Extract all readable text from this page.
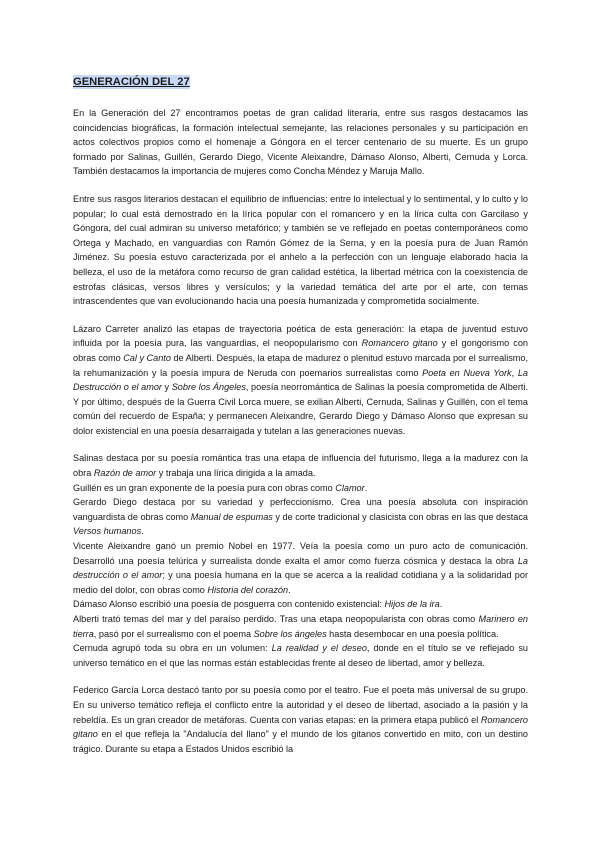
GENERACIÓN DEL 27

En la Generación del 27 encontramos poetas de gran calidad literaria, entre sus rasgos destacamos las coincidencias biográficas, la formación intelectual semejante, las relaciones personales y su participación en actos colectivos propios como el homenaje a Góngora en el tercer centenario de su muerte. Es un grupo formado por Salinas, Guillén, Gerardo Diego, Vicente Aleixandre, Dámaso Alonso, Alberti, Cernuda y Lorca. También destacamos la importancia de mujeres como Concha Méndez y Maruja Mallo.

Entre sus rasgos literarios destacan el equilibrio de influencias: entre lo intelectual y lo sentimental, y lo culto y lo popular; lo cual está demostrado en la lírica popular con el romancero y en la lírica culta con Garcilaso y Góngora, del cual admiran su universo metafórico; y también se ve reflejado en poetas contemporáneos como Ortega y Machado, en vanguardias con Ramón Gómez de la Serna, y en la poesía pura de Juan Ramón Jiménez. Su poesía estuvo caracterizada por el anhelo a la perfección con un lenguaje elaborado hacia la belleza, el uso de la metáfora como recurso de gran calidad estética, la libertad métrica con la coexistencia de estrofas clásicas, versos libres y versículos; y la variedad temática del arte por el arte, con temas intrascendentes que van evolucionando hacia una poesía humanizada y comprometida socialmente.

Lázaro Carreter analizó las etapas de trayectoria poética de esta generación: la etapa de juventud estuvo influida por la poesía pura, las vanguardias, el neopopularismo con Romancero gitano y el gongorismo con obras como Cal y Canto de Alberti. Después, la etapa de madurez o plenitud estuvo marcada por el surrealismo, la rehumanización y la poesía impura de Neruda con poemarios surrealistas como Poeta en Nueva York, La Destrucción o el amor y Sobre los Ángeles, poesía neorromántica de Salinas la poesía comprometida de Alberti. Y por último, después de la Guerra Civil Lorca muere, se exilian Alberti, Cernuda, Salinas y Guillén, con el tema común del recuerdo de España; y permanecen Aleixandre, Gerardo Diego y Dámaso Alonso que expresan su dolor existencial en una poesía desarraigada y tutelan a las generaciones nuevas.

Salinas destaca por su poesía romántica tras una etapa de influencia del futurismo, llega a la madurez con la obra Razón de amor y trabaja una lírica dirigida a la amada.

Guillén es un gran exponente de la poesía pura con obras como Clamor.

Gerardo Diego destaca por su variedad y perfeccionismo. Crea una poesía absoluta con inspiración vanguardista de obras como Manual de espumas y de corte tradicional y clasicista con obras en las que destaca Versos humanos.

Vicente Aleixandre ganó un premio Nobel en 1977. Veía la poesía como un puro acto de comunicación. Desarrolló una poesía telúrica y surrealista donde exalta el amor como fuerza cósmica y destaca la obra La destrucción o el amor; y una poesía humana en la que se acerca a la realidad cotidiana y a la solidaridad por medio del dolor, con obras como Historia del corazón.

Dámaso Alonso escribió una poesía de posguerra con contenido existencial: Hijos de la ira.

Alberti trató temas del mar y del paraíso perdido. Tras una etapa neopopularista con obras como Marinero en tierra, pasó por el surrealismo con el poema Sobre los ángeles hasta desembocar en una poesía política.

Cernuda agrupó toda su obra en un volumen: La realidad y el deseo, donde en el título se ve reflejado su universo temático en el que las normas están establecidas frente al deseo de libertad, amor y belleza.

Federico García Lorca destacó tanto por su poesía como por el teatro. Fue el poeta más universal de su grupo. En su universo temático refleja el conflicto entre la autoridad y el deseo de libertad, asociado a la pasión y la rebeldía. Es un gran creador de metáforas. Cuenta con varias etapas: en la primera etapa publicó el Romancero gitano en el que refleja la "Andalucía del llano" y el mundo de los gitanos convertido en mito, con un destino trágico. Durante su etapa a Estados Unidos escribió la
